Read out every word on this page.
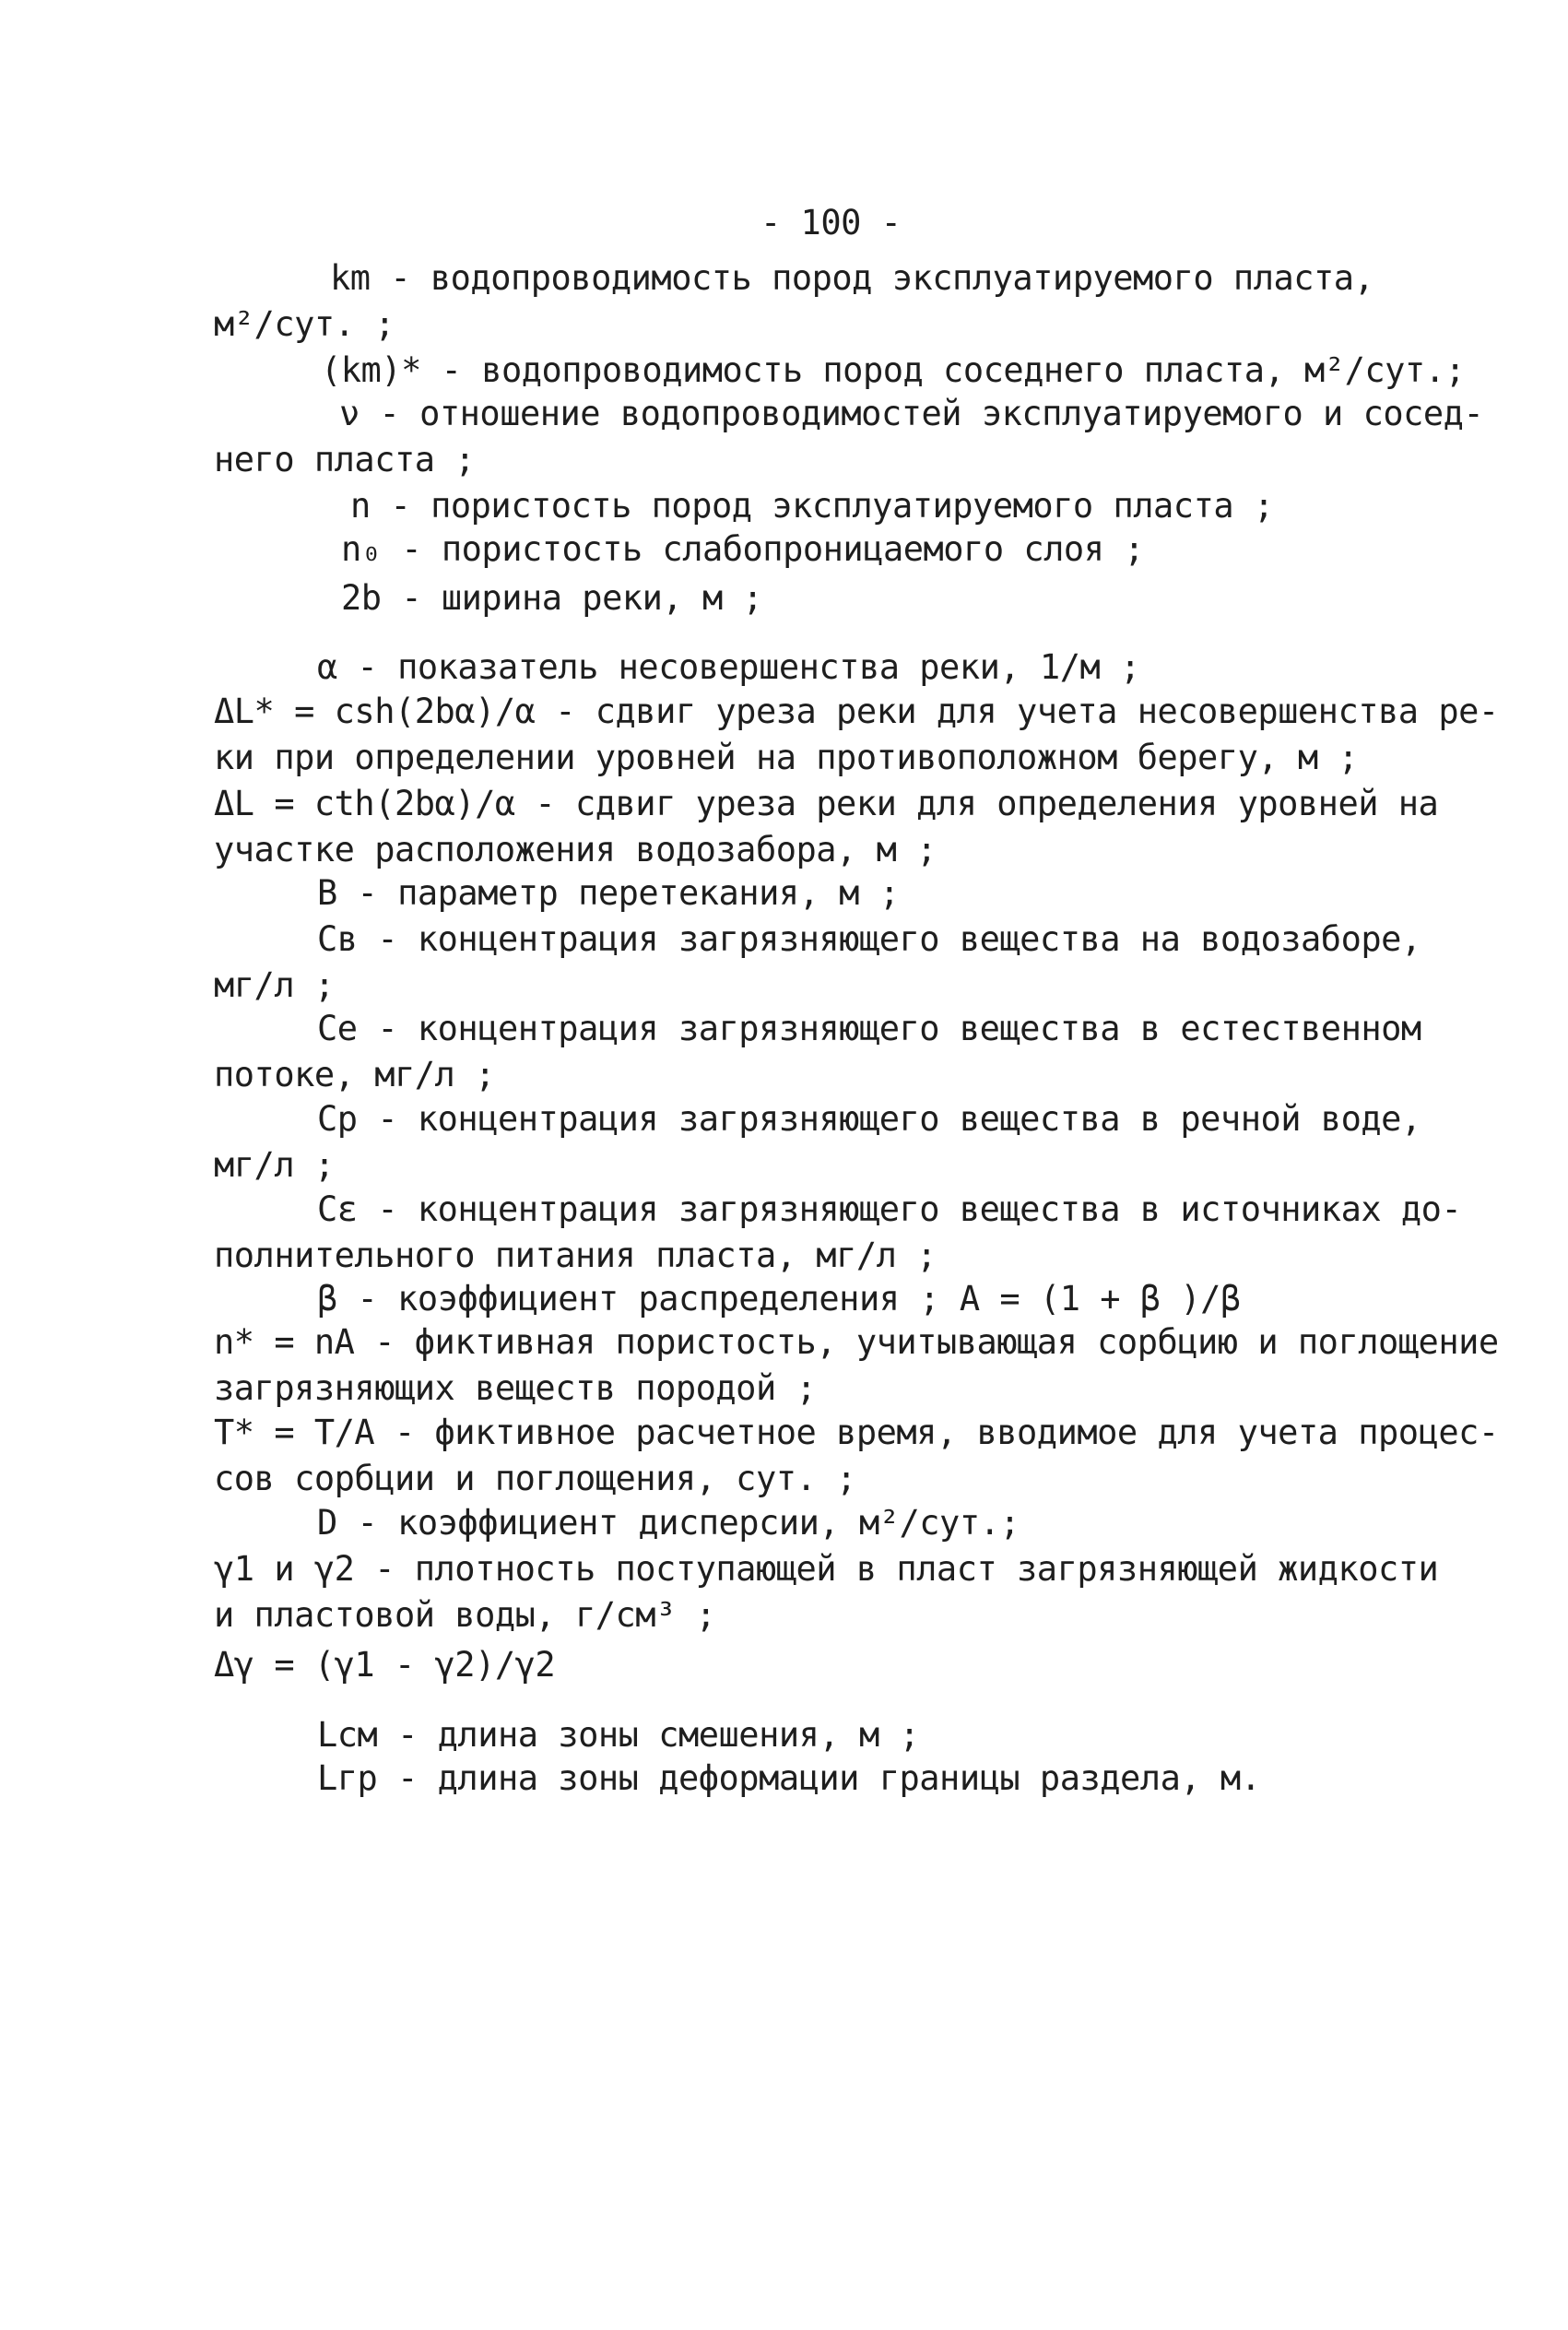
- 100 -
km - водопроводимость пород эксплуатируемого пласта,
м²/сут. ;
(km)* - водопроводимость пород соседнего пласта, м²/сут.;
ν - отношение водопроводимостей эксплуатируемого и сосед-
него пласта ;
n - пористость пород эксплуатируемого пласта ;
n₀ - пористость слабопроницаемого слоя ;
2b - ширина реки, м ;
α - показатель несовершенства реки, 1/м ;
ΔL* = csh(2bα)/α - сдвиг уреза реки для учета несовершенства ре-
ки при определении уровней на противоположном берегу, м ;
ΔL = cth(2bα)/α - сдвиг уреза реки для определения уровней на
участке расположения водозабора, м ;
B - параметр перетекания, м ;
Cв - концентрация загрязняющего вещества на водозаборе,
мг/л ;
Cе - концентрация загрязняющего вещества в естественном
потоке, мг/л ;
Cр - концентрация загрязняющего вещества в речной воде,
мг/л ;
Cε - концентрация загрязняющего вещества в источниках до-
полнительного питания пласта, мг/л ;
β - коэффициент распределения ; A = (1 + β )/β
n* = nA - фиктивная пористость, учитывающая сорбцию и поглощение
загрязняющих веществ породой ;
T* = T/A - фиктивное расчетное время, вводимое для учета процес-
сов сорбции и поглощения, сут. ;
D - коэффициент дисперсии, м²/сут.;
γ1 и γ2 - плотность поступающей в пласт загрязняющей жидкости
и пластовой воды, г/см³ ;
Δγ = (γ1 - γ2)/γ2
Lсм - длина зоны смешения, м ;
Lгр - длина зоны деформации границы раздела, м.
